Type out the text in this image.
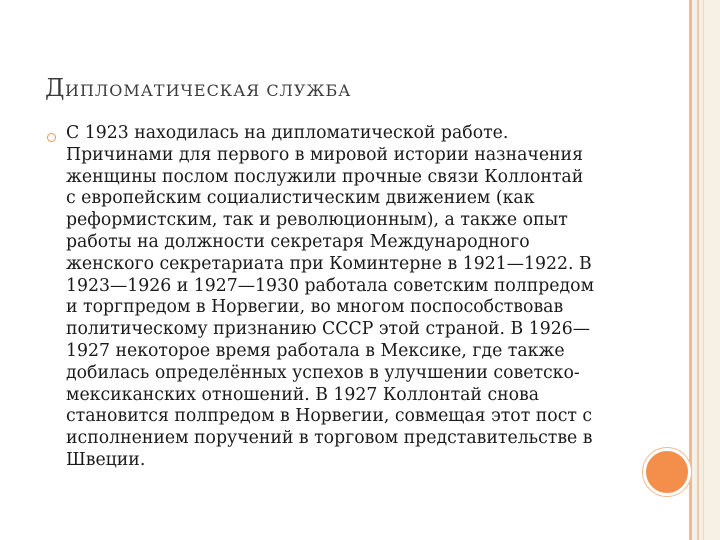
ДИПЛОМАТИЧЕСКАЯ СЛУЖБА

С 1923 находилась на дипломатической работе.
Причинами для первого в мировой истории назначения
женщины послом послужили прочные связи Коллонтай
с европейским социалистическим движением (как
реформистским, так и революционным), а также опыт
работы на должности секретаря Международного
женского секретариата при Коминтерне в 1921—1922. В
1923—1926 и 1927—1930 работала советским полпредом
и торгпредом в Норвегии, во многом поспособствовав
политическому признанию СССР этой страной. В 1926—
1927 некоторое время работала в Мексике, где также
добилась определённых успехов в улучшении советско-
мексиканских отношений. В 1927 Коллонтай снова
становится полпредом в Норвегии, совмещая этот пост с
исполнением поручений в торговом представительстве в
Швеции.
